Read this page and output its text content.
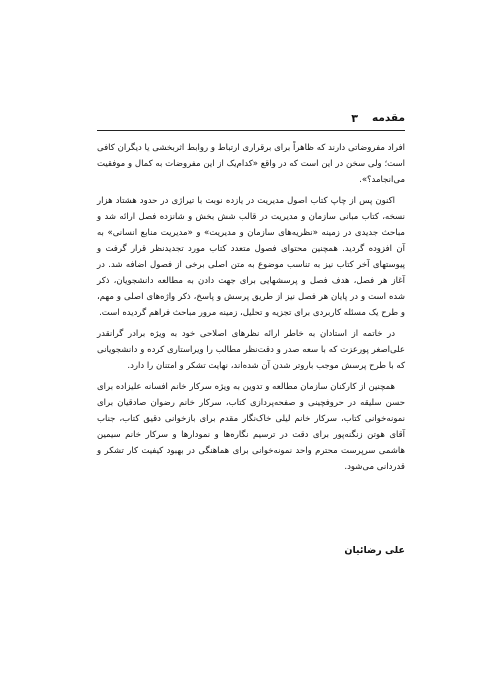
مقدمه
۳

افراد مفروضاتی دارند که ظاهراً برای برقراری ارتباط و روابط اثربخشی یا دیگران کافی است؛ ولی سخن در این است که در واقع «کدام‌یک از این مفروضات به کمال و موفقیت می‌انجامد؟».

اکنون پس از چاپ کتاب اصول مدیریت در یازده نوبت با تیراژی در حدود هشتاد هزار نسخه، کتاب مبانی سازمان و مدیریت در قالب شش بخش و شانزده فصل ارائه شد و مباحث جدیدی در زمینه «نظریه‌های سازمان و مدیریت» و «مدیریت منابع انسانی» به آن افزوده گردید. همچنین محتوای فصول متعدد کتاب مورد تجدیدنظر قرار گرفت و پیوستهای آخر کتاب نیز به تناسب موضوع به متن اصلی برخی از فصول اضافه شد. در آغاز هر فصل، هدف فصل و پرسشهایی برای جهت دادن به مطالعه دانشجویان، ذکر شده است و در پایان هر فصل نیز از طریق پرسش و پاسخ، ذکر واژه‌های اصلی و مهم، و طرح یک مسئله کاربردی برای تجزیه و تحلیل، زمینه مرور مباحث فراهم گردیده است.

در خاتمه از استادان به خاطر ارائه نظرهای اصلاحی خود به ویژه برادر گرانقدر علی‌اصغر پورعزت که با سعه صدر و دقت‌نظر مطالب را ویراستاری کرده و دانشجویانی که با طرح پرسش موجب باروتر شدن آن شده‌اند، نهایت تشکر و امتنان را دارد.

همچنین از کارکنان سازمان مطالعه و تدوین به ویژه سرکار خانم افسانه علیزاده برای حسن سلیقه در حروفچینی و صفحه‌پردازی کتاب، سرکار خانم رضوان صادقیان برای نمونه‌خوانی کتاب، سرکار خانم لیلی خاک‌نگار مقدم برای بازخوانی دقیق کتاب، جناب آقای هوتن زنگنه‌پور برای دقت در ترسیم نگاره‌ها و نمودارها و سرکار خانم سیمین هاشمی سرپرست محترم واحد نمونه‌خوانی برای هماهنگی در بهبود کیفیت کار تشکر و قدردانی می‌شود.

علی رضائیان
